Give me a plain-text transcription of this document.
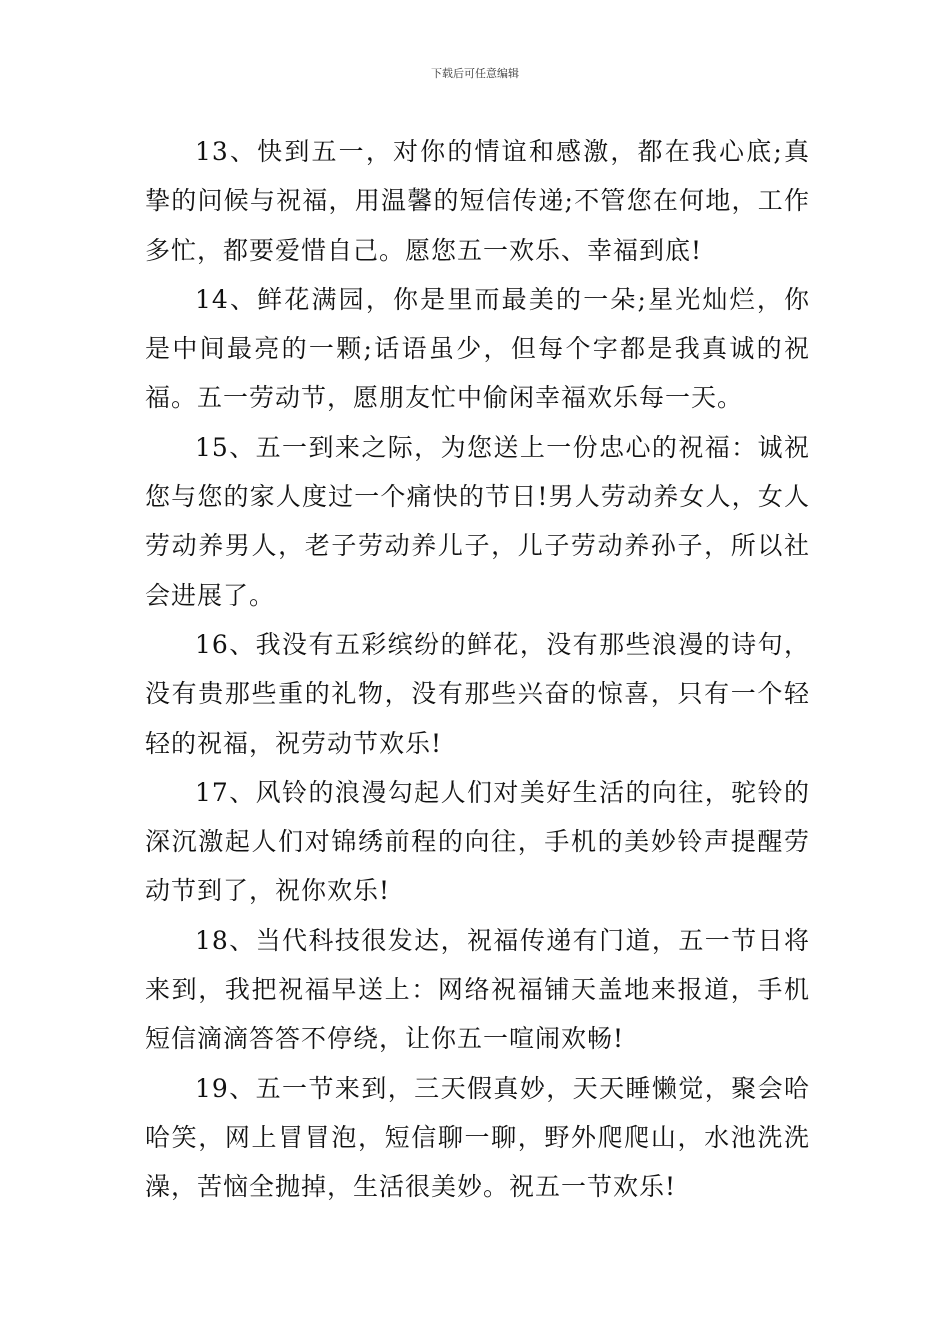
下载后可任意编辑

13、快到五一，对你的情谊和感激，都在我心底;真挚的问候与祝福，用温馨的短信传递;不管您在何地，工作多忙，都要爱惜自己。愿您五一欢乐、幸福到底!

14、鲜花满园，你是里而最美的一朵;星光灿烂，你是中间最亮的一颗;话语虽少，但每个字都是我真诚的祝福。五一劳动节，愿朋友忙中偷闲幸福欢乐每一天。

15、五一到来之际，为您送上一份忠心的祝福：诚祝您与您的家人度过一个痛快的节日!男人劳动养女人，女人劳动养男人，老子劳动养儿子，儿子劳动养孙子，所以社会进展了。

16、我没有五彩缤纷的鲜花，没有那些浪漫的诗句，没有贵那些重的礼物，没有那些兴奋的惊喜，只有一个轻轻的祝福，祝劳动节欢乐!

17、风铃的浪漫勾起人们对美好生活的向往，驼铃的深沉激起人们对锦绣前程的向往，手机的美妙铃声提醒劳动节到了，祝你欢乐!

18、当代科技很发达，祝福传递有门道，五一节日将来到，我把祝福早送上：网络祝福铺天盖地来报道，手机短信滴滴答答不停绕，让你五一喧闹欢畅!

19、五一节来到，三天假真妙，天天睡懒觉，聚会哈哈笑，网上冒冒泡，短信聊一聊，野外爬爬山，水池洗洗澡，苦恼全抛掉，生活很美妙。祝五一节欢乐!
